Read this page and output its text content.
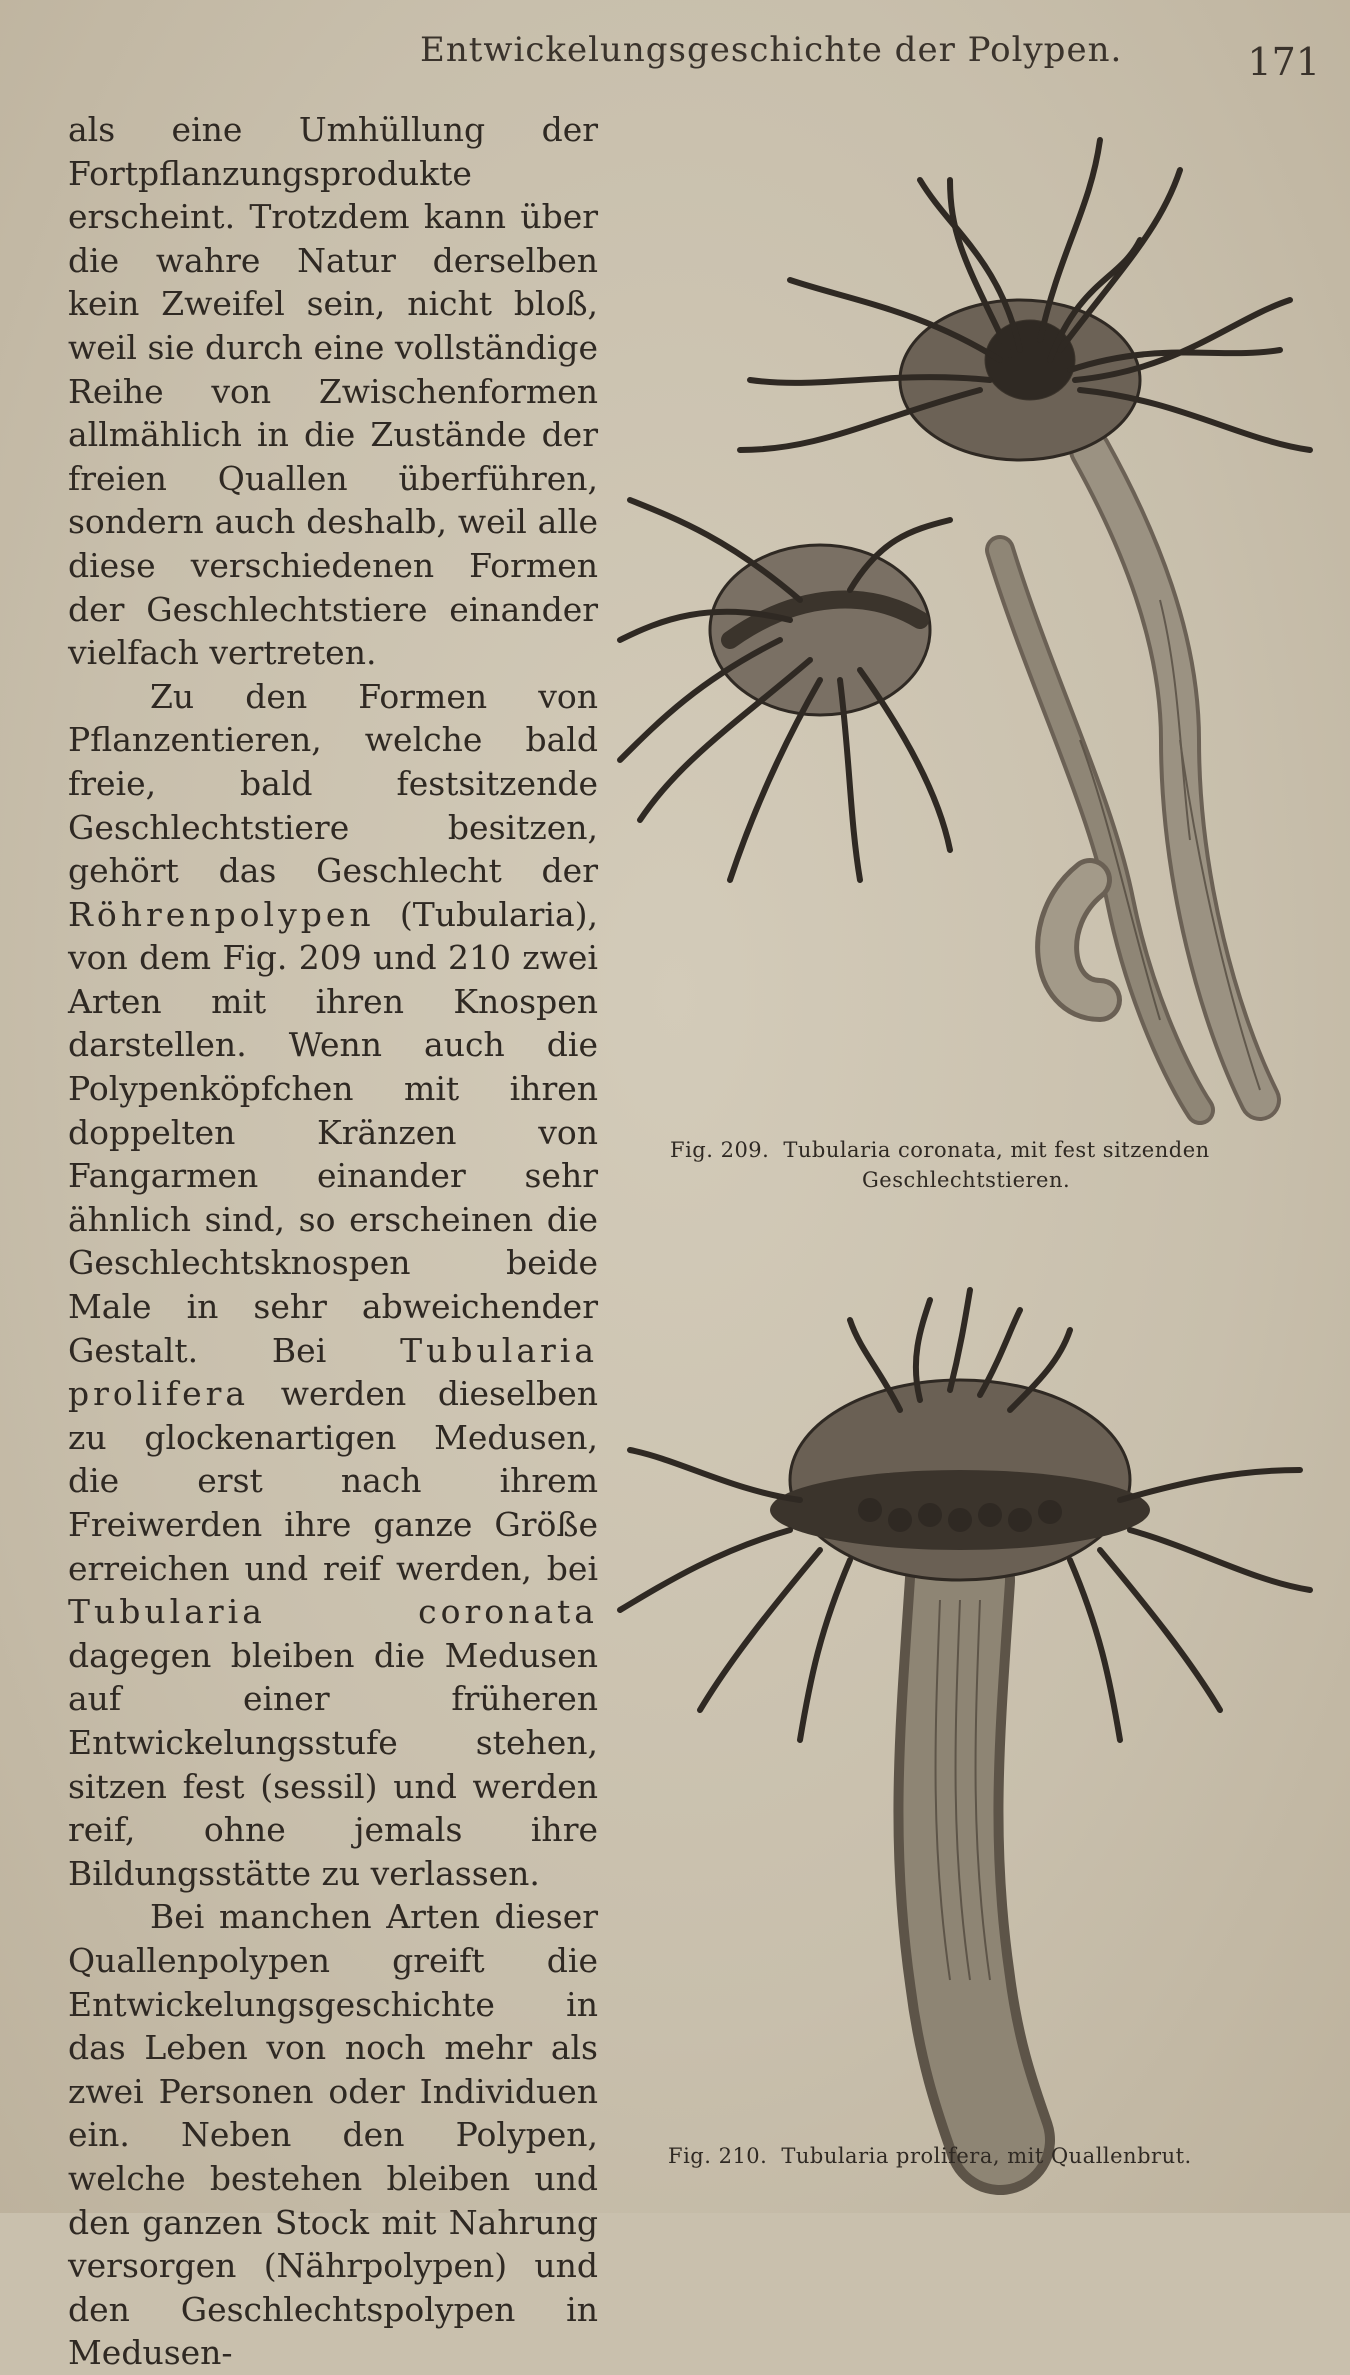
Entwickelungsgeschichte der Polypen.	171

als eine Umhüllung der Fortpflanzungsprodukte erscheint. Trotzdem kann über die wahre Natur derselben kein Zweifel sein, nicht bloß, weil sie durch eine vollständige Reihe von Zwischenformen allmählich in die Zustände der freien Quallen überführen, sondern auch deshalb, weil alle diese verschiedenen Formen der Geschlechtstiere einander vielfach vertreten.

Zu den Formen von Pflanzentieren, welche bald freie, bald festsitzende Geschlechtstiere besitzen, gehört das Geschlecht der Röhrenpolypen (Tubularia), von dem Fig. 209 und 210 zwei Arten mit ihren Knospen darstellen. Wenn auch die Polypenköpfchen mit ihren doppelten Kränzen von Fangarmen einander sehr ähnlich sind, so erscheinen die Geschlechtsknospen beide Male in sehr abweichender Gestalt. Bei Tubularia prolifera werden dieselben zu glockenartigen Medusen, die erst nach ihrem Freiwerden ihre ganze Größe erreichen und reif werden, bei Tubularia coronata dagegen bleiben die Medusen auf einer früheren Entwickelungsstufe stehen, sitzen fest (sessil) und werden reif, ohne jemals ihre Bildungsstätte zu verlassen.

Bei manchen Arten dieser Quallenpolypen greift die Entwickelungsgeschichte in das Leben von noch mehr als zwei Personen oder Individuen ein. Neben den Polypen, welche bestehen bleiben und den ganzen Stock mit Nahrung versorgen (Nährpolypen) und den Geschlechtspolypen in Medusen-

Fig. 209. Tubularia coronata, mit fest sitzenden
Geschlechtstieren.
Fig. 210. Tubularia prolifera, mit Quallenbrut.
